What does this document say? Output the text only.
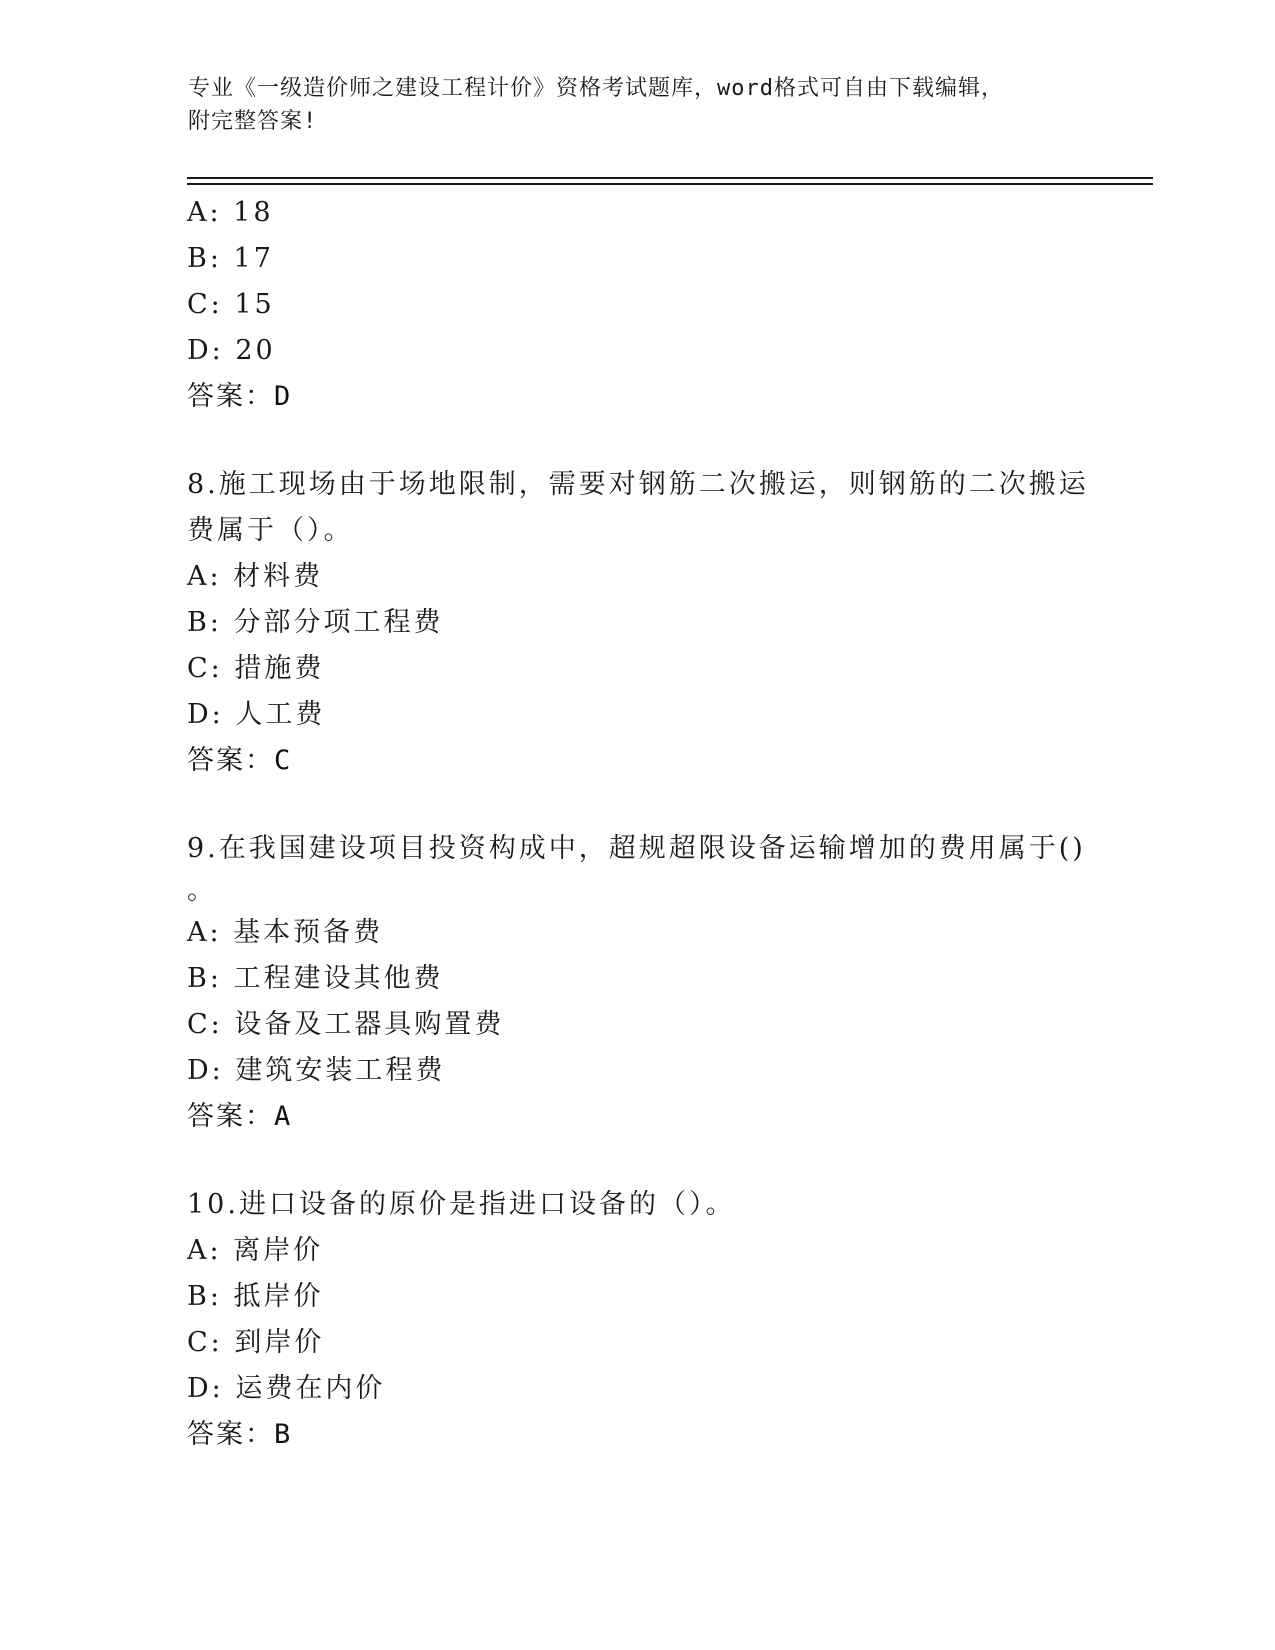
专业《一级造价师之建设工程计价》资格考试题库，word格式可自由下载编辑，
附完整答案!
A: 18
B: 17
C: 15
D: 20
答案：D
8.施工现场由于场地限制，需要对钢筋二次搬运，则钢筋的二次搬运
费属于（）。
A: 材料费
B: 分部分项工程费
C: 措施费
D: 人工费
答案：C
9.在我国建设项目投资构成中，超规超限设备运输增加的费用属于()
。
A: 基本预备费
B: 工程建设其他费
C: 设备及工器具购置费
D: 建筑安装工程费
答案：A
10.进口设备的原价是指进口设备的（）。
A: 离岸价
B: 抵岸价
C: 到岸价
D: 运费在内价
答案：B
